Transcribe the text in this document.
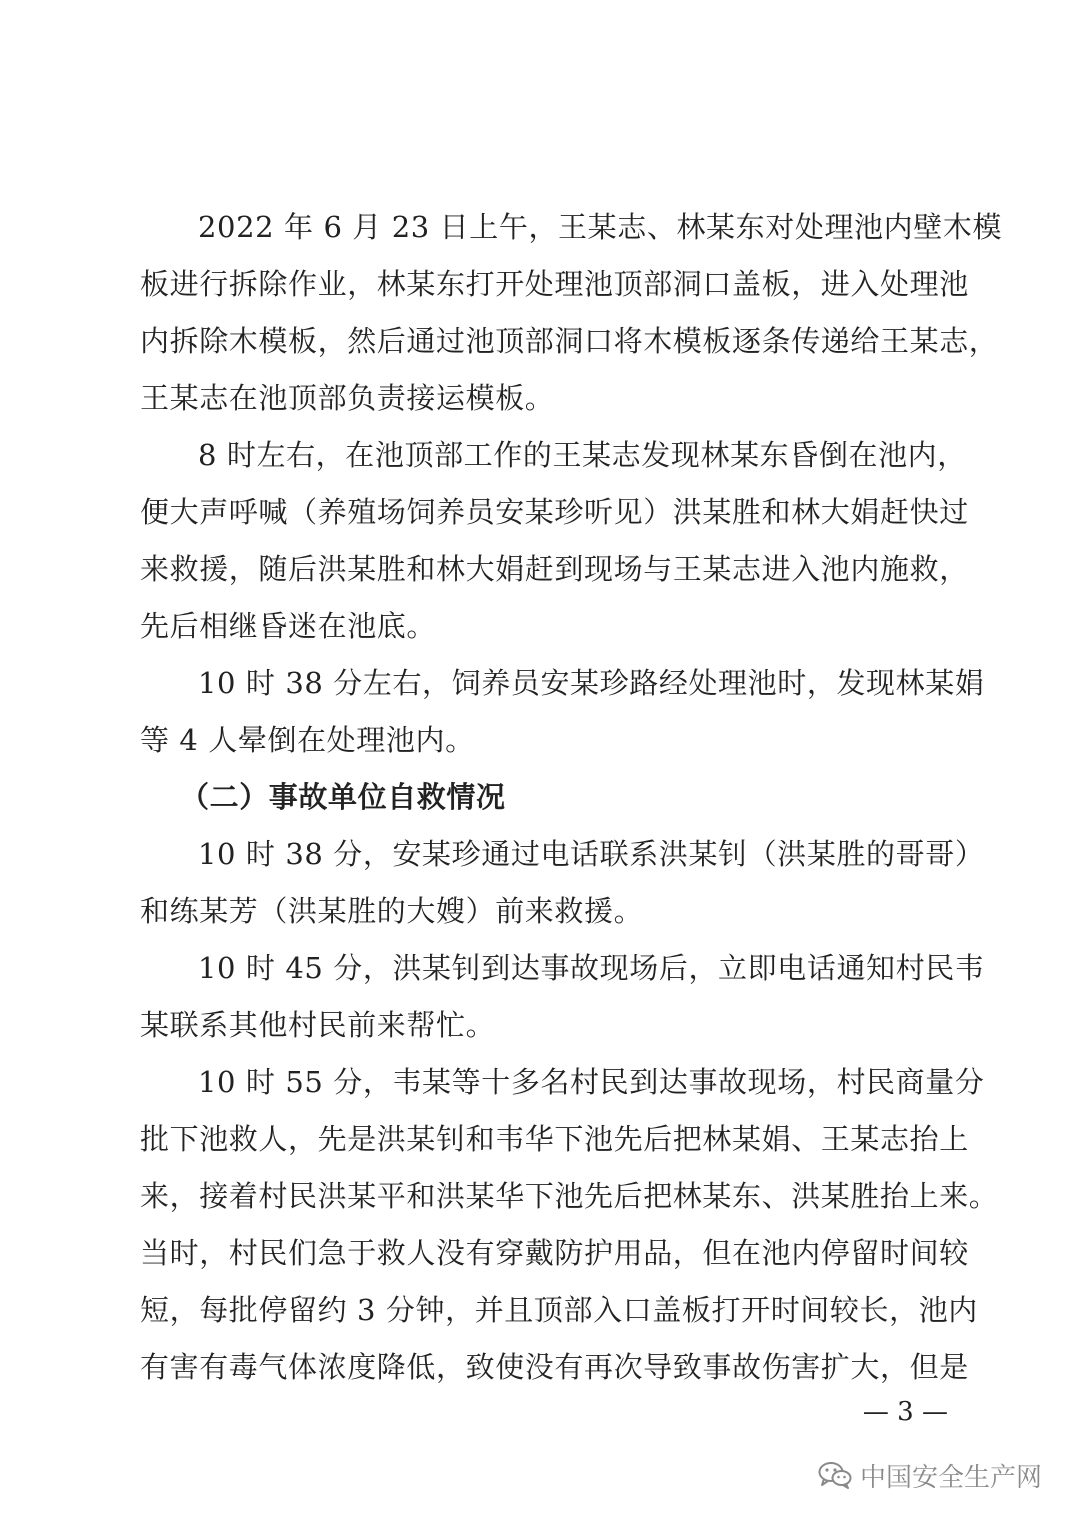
2022 年 6 月 23 日上午，王某志、林某东对处理池内壁木模
板进行拆除作业，林某东打开处理池顶部洞口盖板，进入处理池
内拆除木模板，然后通过池顶部洞口将木模板逐条传递给王某志，
王某志在池顶部负责接运模板。
8 时左右，在池顶部工作的王某志发现林某东昏倒在池内，
便大声呼喊（养殖场饲养员安某珍听见）洪某胜和林大娟赶快过
来救援，随后洪某胜和林大娟赶到现场与王某志进入池内施救，
先后相继昏迷在池底。
10 时 38 分左右，饲养员安某珍路经处理池时，发现林某娟
等 4 人晕倒在处理池内。
（二）事故单位自救情况
10 时 38 分，安某珍通过电话联系洪某钊（洪某胜的哥哥）
和练某芳（洪某胜的大嫂）前来救援。
10 时 45 分，洪某钊到达事故现场后，立即电话通知村民韦
某联系其他村民前来帮忙。
10 时 55 分，韦某等十多名村民到达事故现场，村民商量分
批下池救人，先是洪某钊和韦华下池先后把林某娟、王某志抬上
来，接着村民洪某平和洪某华下池先后把林某东、洪某胜抬上来。
当时，村民们急于救人没有穿戴防护用品，但在池内停留时间较
短，每批停留约 3 分钟，并且顶部入口盖板打开时间较长，池内
有害有毒气体浓度降低，致使没有再次导致事故伤害扩大，但是
— 3 —
中国安全生产网
